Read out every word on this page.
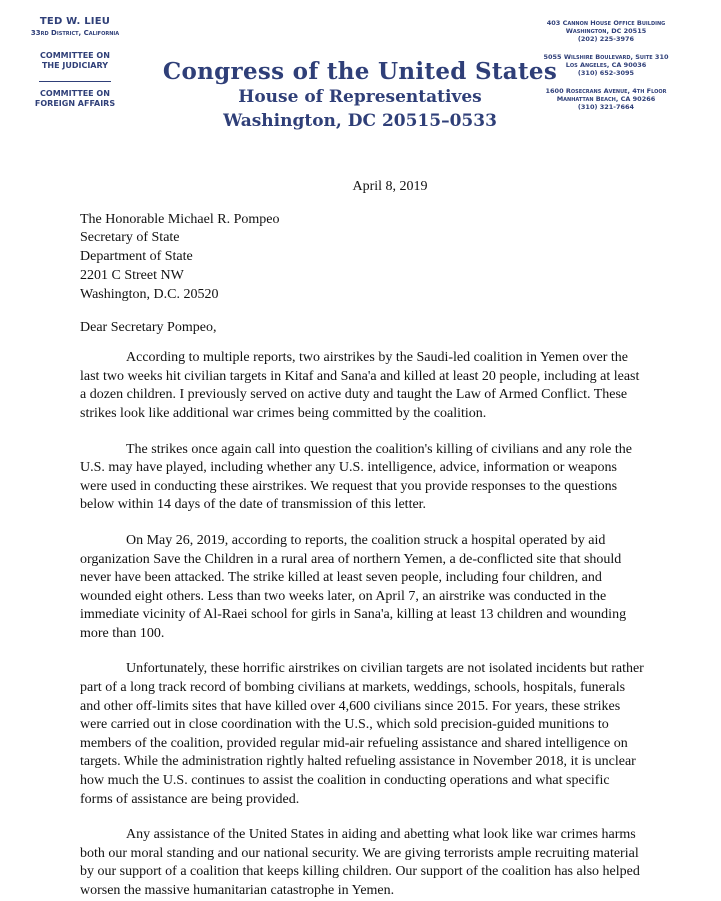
TED W. LIEU
33rd District, California
COMMITTEE ON THE JUDICIARY
COMMITTEE ON FOREIGN AFFAIRS
Congress of the United States
House of Representatives
Washington, DC 20515–0533
403 Cannon House Office Building
Washington, DC 20515
(202) 225-3976
5055 Wilshire Boulevard, Suite 310
Los Angeles, CA 90036
(310) 652-3095
1600 Rosecrans Avenue, 4th Floor
Manhattan Beach, CA 90266
(310) 321-7664
April 8, 2019
The Honorable Michael R. Pompeo
Secretary of State
Department of State
2201 C Street NW
Washington, D.C. 20520
Dear Secretary Pompeo,
According to multiple reports, two airstrikes by the Saudi-led coalition in Yemen over the last two weeks hit civilian targets in Kitaf and Sana'a and killed at least 20 people, including at least a dozen children. I previously served on active duty and taught the Law of Armed Conflict. These strikes look like additional war crimes being committed by the coalition.
The strikes once again call into question the coalition's killing of civilians and any role the U.S. may have played, including whether any U.S. intelligence, advice, information or weapons were used in conducting these airstrikes. We request that you provide responses to the questions below within 14 days of the date of transmission of this letter.
On May 26, 2019, according to reports, the coalition struck a hospital operated by aid organization Save the Children in a rural area of northern Yemen, a de-conflicted site that should never have been attacked. The strike killed at least seven people, including four children, and wounded eight others. Less than two weeks later, on April 7, an airstrike was conducted in the immediate vicinity of Al-Raei school for girls in Sana'a, killing at least 13 children and wounding more than 100.
Unfortunately, these horrific airstrikes on civilian targets are not isolated incidents but rather part of a long track record of bombing civilians at markets, weddings, schools, hospitals, funerals and other off-limits sites that have killed over 4,600 civilians since 2015. For years, these strikes were carried out in close coordination with the U.S., which sold precision-guided munitions to members of the coalition, provided regular mid-air refueling assistance and shared intelligence on targets. While the administration rightly halted refueling assistance in November 2018, it is unclear how much the U.S. continues to assist the coalition in conducting operations and what specific forms of assistance are being provided.
Any assistance of the United States in aiding and abetting what look like war crimes harms both our moral standing and our national security. We are giving terrorists ample recruiting material by our support of a coalition that keeps killing children. Our support of the coalition has also helped worsen the massive humanitarian catastrophe in Yemen.
